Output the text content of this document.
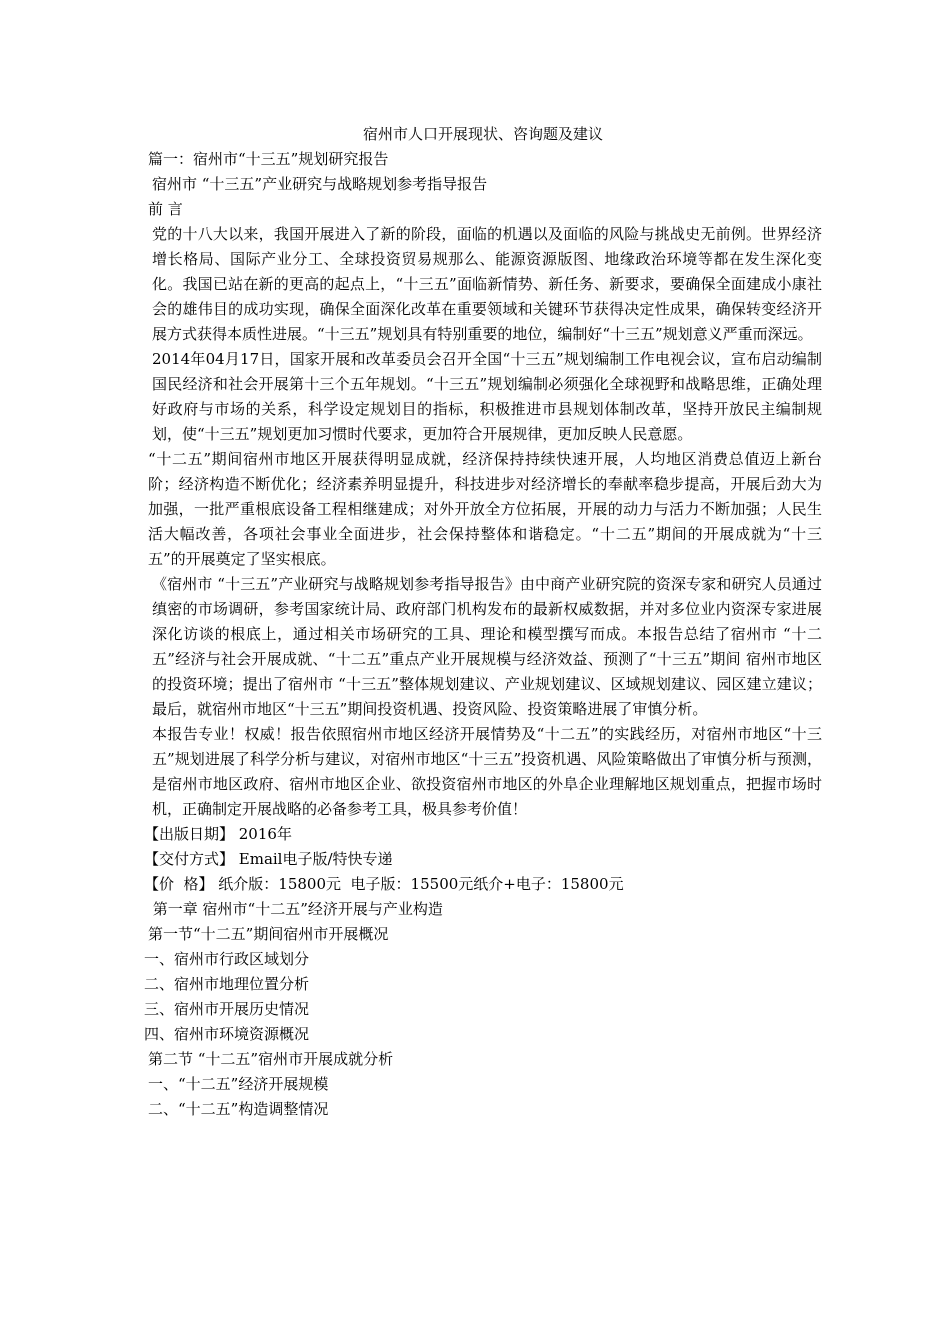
宿州市人口开展现状、咨询题及建议

篇一：宿州市“十三五”规划研究报告

宿州市 “十三五”产业研究与战略规划参考指导报告

前 言

党的十八大以来，我国开展进入了新的阶段，面临的机遇以及面临的风险与挑战史无前例。世界经济增长格局、国际产业分工、全球投资贸易规那么、能源资源版图、地缘政治环境等都在发生深化变化。我国已站在新的更高的起点上，“十三五”面临新情势、新任务、新要求，要确保全面建成小康社会的雄伟目的成功实现，确保全面深化改革在重要领域和关键环节获得决定性成果，确保转变经济开展方式获得本质性进展。“十三五”规划具有特别重要的地位，编制好“十三五”规划意义严重而深远。

2014年04月17日，国家开展和改革委员会召开全国“十三五”规划编制工作电视会议，宣布启动编制国民经济和社会开展第十三个五年规划。“十三五”规划编制必须强化全球视野和战略思维，正确处理好政府与市场的关系，科学设定规划目的指标，积极推进市县规划体制改革，坚持开放民主编制规划，使“十三五”规划更加习惯时代要求，更加符合开展规律，更加反映人民意愿。

“十二五”期间宿州市地区开展获得明显成就，经济保持持续快速开展，人均地区消费总值迈上新台阶；经济构造不断优化；经济素养明显提升，科技进步对经济增长的奉献率稳步提高，开展后劲大为加强，一批严重根底设备工程相继建成；对外开放全方位拓展，开展的动力与活力不断加强；人民生活大幅改善，各项社会事业全面进步，社会保持整体和谐稳定。“十二五”期间的开展成就为“十三五”的开展奠定了坚实根底。

《宿州市 “十三五”产业研究与战略规划参考指导报告》由中商产业研究院的资深专家和研究人员通过缜密的市场调研，参考国家统计局、政府部门机构发布的最新权威数据，并对多位业内资深专家进展深化访谈的根底上，通过相关市场研究的工具、理论和模型撰写而成。本报告总结了宿州市 “十二五”经济与社会开展成就、“十二五”重点产业开展规模与经济效益、预测了“十三五”期间 宿州市地区的投资环境；提出了宿州市 “十三五”整体规划建议、产业规划建议、区域规划建议、园区建立建议；最后，就宿州市地区“十三五”期间投资机遇、投资风险、投资策略进展了审慎分析。

本报告专业！权威！报告依照宿州市地区经济开展情势及“十二五”的实践经历，对宿州市地区“十三五”规划进展了科学分析与建议，对宿州市地区“十三五”投资机遇、风险策略做出了审慎分析与预测，是宿州市地区政府、宿州市地区企业、欲投资宿州市地区的外阜企业理解地区规划重点，把握市场时机，正确制定开展战略的必备参考工具，极具参考价值！

【出版日期】 2016年

【交付方式】 Email电子版/特快专递

【价  格】 纸介版：15800元  电子版：15500元纸介+电子：15800元

第一章 宿州市“十二五”经济开展与产业构造

第一节“十二五”期间宿州市开展概况

一、宿州市行政区域划分

二、宿州市地理位置分析

三、宿州市开展历史情况

四、宿州市环境资源概况

第二节 “十二五”宿州市开展成就分析

一、“十二五”经济开展规模

二、“十二五”构造调整情况
